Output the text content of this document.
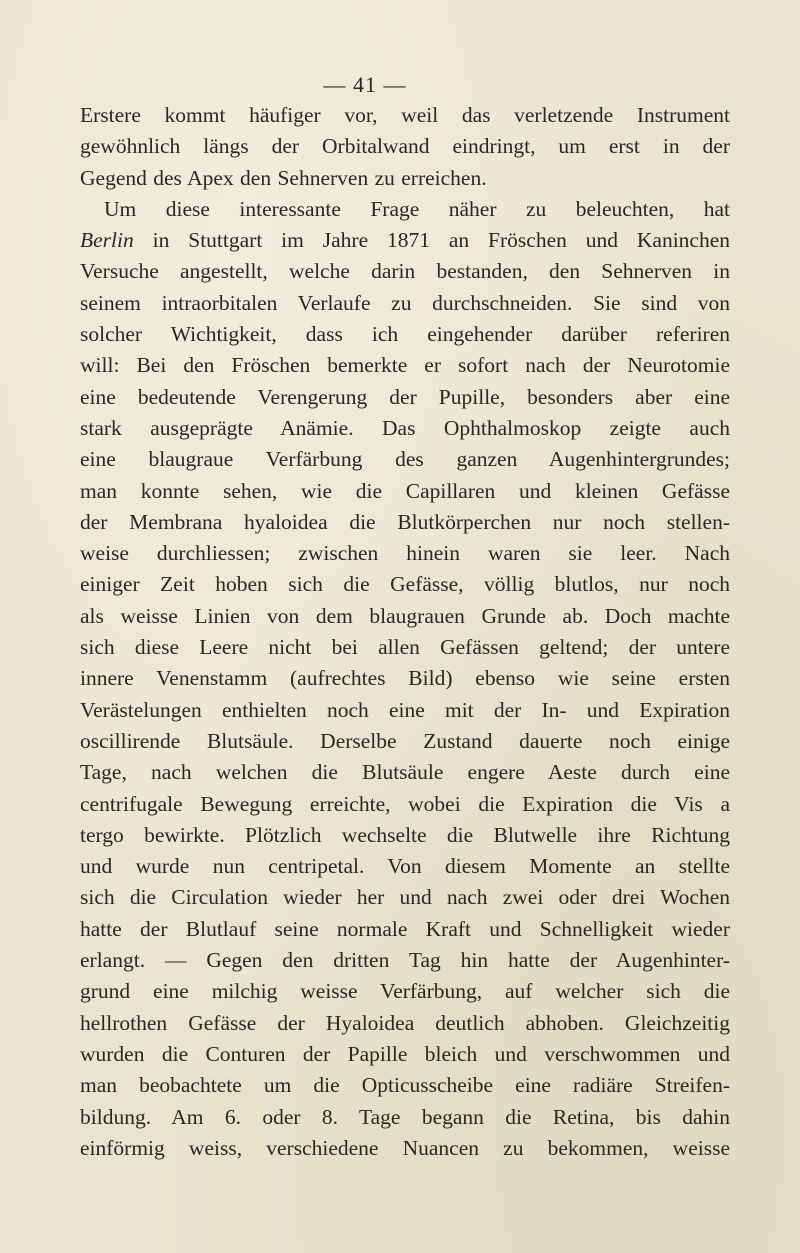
— 41 —
Erstere kommt häufiger vor, weil das verletzende Instrument
gewöhnlich längs der Orbitalwand eindringt, um erst in der
Gegend des Apex den Sehnerven zu erreichen.
Um diese interessante Frage näher zu beleuchten, hat
Berlin in Stuttgart im Jahre 1871 an Fröschen und Kaninchen
Versuche angestellt, welche darin bestanden, den Sehnerven in
seinem intraorbitalen Verlaufe zu durchschneiden. Sie sind von
solcher Wichtigkeit, dass ich eingehender darüber referiren
will: Bei den Fröschen bemerkte er sofort nach der Neurotomie
eine bedeutende Verengerung der Pupille, besonders aber eine
stark ausgeprägte Anämie. Das Ophthalmoskop zeigte auch
eine blaugraue Verfärbung des ganzen Augenhintergrundes;
man konnte sehen, wie die Capillaren und kleinen Gefässe
der Membrana hyaloidea die Blutkörperchen nur noch stellen-
weise durchliessen; zwischen hinein waren sie leer. Nach
einiger Zeit hoben sich die Gefässe, völlig blutlos, nur noch
als weisse Linien von dem blaugrauen Grunde ab. Doch machte
sich diese Leere nicht bei allen Gefässen geltend; der untere
innere Venenstamm (aufrechtes Bild) ebenso wie seine ersten
Verästelungen enthielten noch eine mit der In- und Expiration
oscillirende Blutsäule. Derselbe Zustand dauerte noch einige
Tage, nach welchen die Blutsäule engere Aeste durch eine
centrifugale Bewegung erreichte, wobei die Expiration die Vis a
tergo bewirkte. Plötzlich wechselte die Blutwelle ihre Richtung
und wurde nun centripetal. Von diesem Momente an stellte
sich die Circulation wieder her und nach zwei oder drei Wochen
hatte der Blutlauf seine normale Kraft und Schnelligkeit wieder
erlangt. — Gegen den dritten Tag hin hatte der Augenhinter-
grund eine milchig weisse Verfärbung, auf welcher sich die
hellrothen Gefässe der Hyaloidea deutlich abhoben. Gleichzeitig
wurden die Conturen der Papille bleich und verschwommen und
man beobachtete um die Opticusscheibe eine radiäre Streifen-
bildung. Am 6. oder 8. Tage begann die Retina, bis dahin
einförmig weiss, verschiedene Nuancen zu bekommen, weisse
